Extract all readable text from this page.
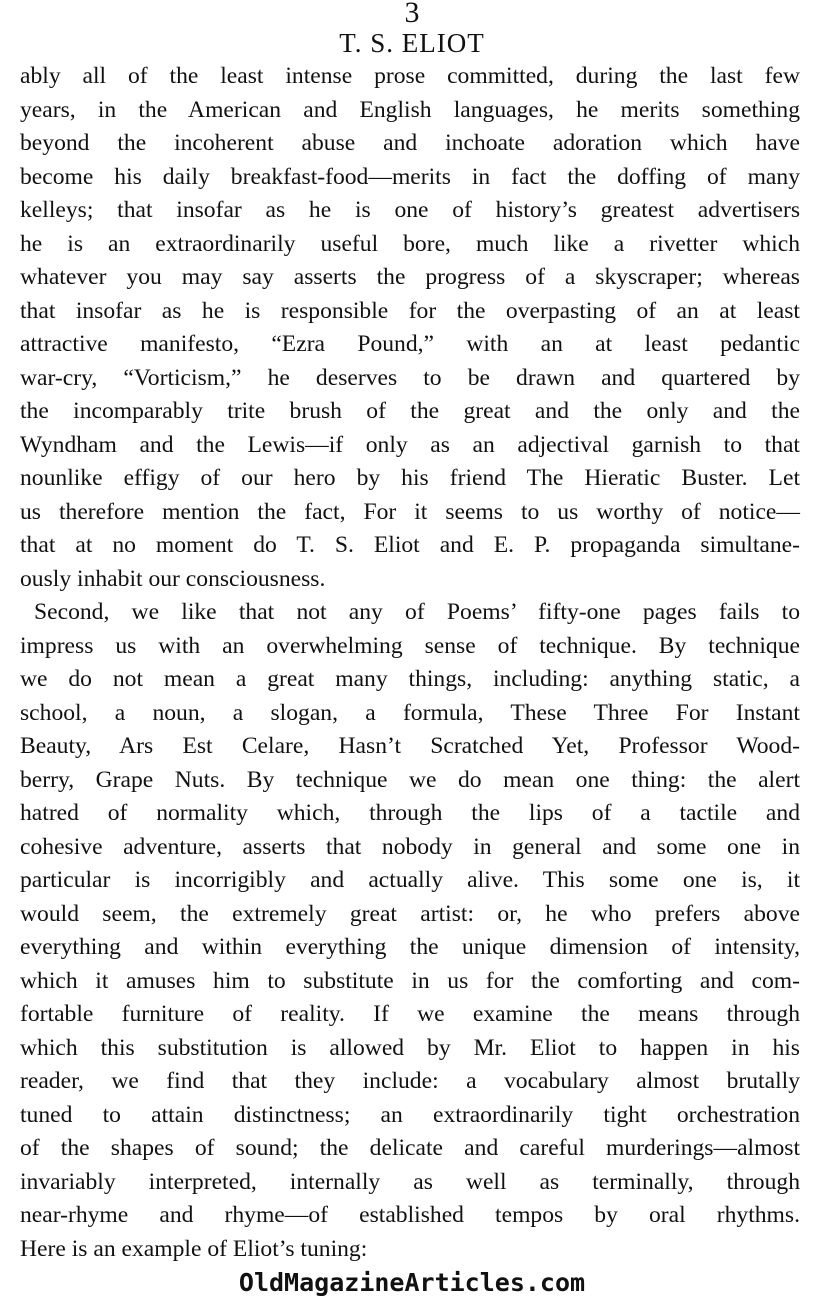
3
T. S. ELIOT
ably all of the least intense prose committed, during the last few
years, in the American and English languages, he merits something
beyond the incoherent abuse and inchoate adoration which have
become his daily breakfast-food—merits in fact the doffing of many
kelleys; that insofar as he is one of history’s greatest advertisers
he is an extraordinarily useful bore, much like a rivetter which
whatever you may say asserts the progress of a skyscraper; whereas
that insofar as he is responsible for the overpasting of an at least
attractive manifesto, “Ezra Pound,” with an at least pedantic
war-cry, “Vorticism,” he deserves to be drawn and quartered by
the incomparably trite brush of the great and the only and the
Wyndham and the Lewis—if only as an adjectival garnish to that
nounlike effigy of our hero by his friend The Hieratic Buster. Let
us therefore mention the fact, For it seems to us worthy of notice—
that at no moment do T. S. Eliot and E. P. propaganda simultane-
ously inhabit our consciousness.
Second, we like that not any of Poems’ fifty-one pages fails to
impress us with an overwhelming sense of technique. By technique
we do not mean a great many things, including: anything static, a
school, a noun, a slogan, a formula, These Three For Instant
Beauty, Ars Est Celare, Hasn’t Scratched Yet, Professor Wood-
berry, Grape Nuts. By technique we do mean one thing: the alert
hatred of normality which, through the lips of a tactile and
cohesive adventure, asserts that nobody in general and some one in
particular is incorrigibly and actually alive. This some one is, it
would seem, the extremely great artist: or, he who prefers above
everything and within everything the unique dimension of intensity,
which it amuses him to substitute in us for the comforting and com-
fortable furniture of reality. If we examine the means through
which this substitution is allowed by Mr. Eliot to happen in his
reader, we find that they include: a vocabulary almost brutally
tuned to attain distinctness; an extraordinarily tight orchestration
of the shapes of sound; the delicate and careful murderings—almost
invariably interpreted, internally as well as terminally, through
near-rhyme and rhyme—of established tempos by oral rhythms.
Here is an example of Eliot’s tuning:
OldMagazineArticles.com
